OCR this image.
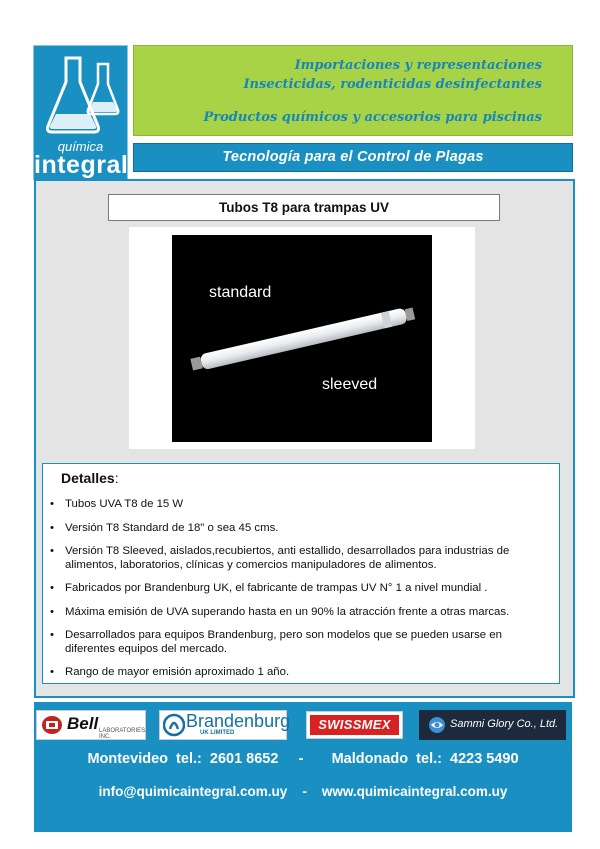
química
integral
Importaciones y representaciones
Insecticidas, rodenticidas desinfectantes
Productos químicos y accesorios para piscinas
Tecnología para el Control de Plagas
Tubos T8 para trampas UV
standard
sleeved
Detalles:
• Tubos UVA T8 de 15 W
• Versión T8 Standard de 18" o sea 45 cms.
• Versión T8 Sleeved, aislados,recubiertos, anti estallido, desarrollados para industrias de alimentos, laboratorios, clínicas y comercios manipuladores de alimentos.
• Fabricados por Brandenburg UK, el fabricante de trampas UV N° 1 a nivel mundial .
• Máxima emisión de UVA superando hasta en un 90% la atracción frente a otras marcas.
• Desarrollados para equipos Brandenburg, pero son modelos que se pueden usarse en diferentes equipos del mercado.
• Rango de mayor emisión aproximado 1 año.
Bell LABORATORIES, INC.
Brandenburg
UK LIMITED
SWISSMEX	Sammi Glory Co., Ltd.
Montevideo  tel.:  2601 8652     -       Maldonado  tel.:  4223 5490
info@quimicaintegral.com.uy    -    www.quimicaintegral.com.uy
